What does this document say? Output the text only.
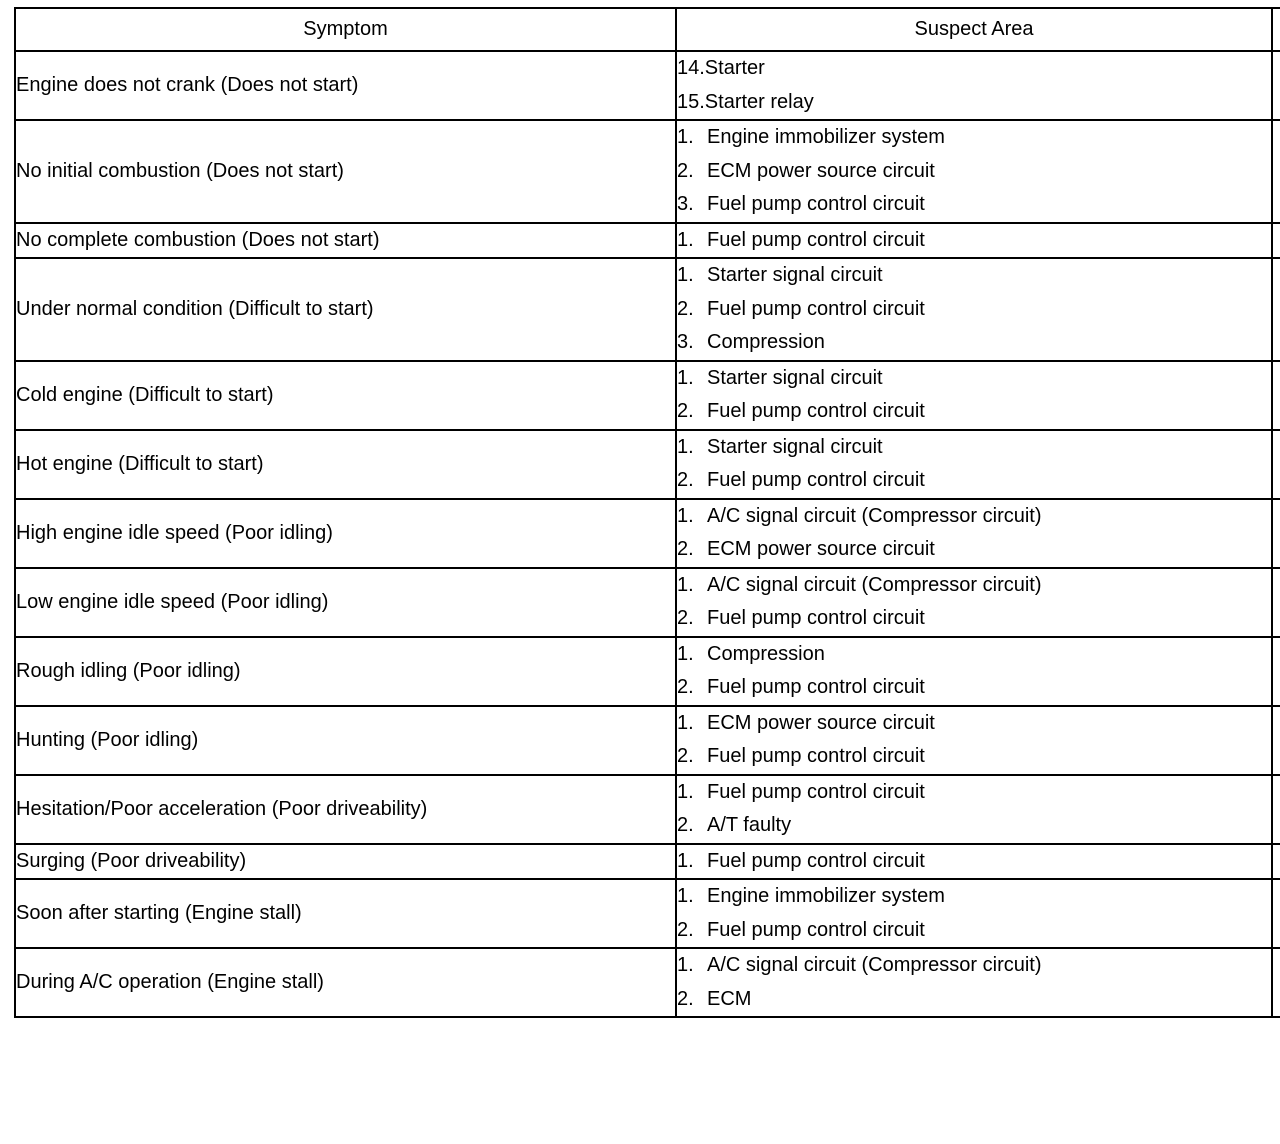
Symptom	Suspect Area	
Engine does not crank (Does not start)	14.Starter
15.Starter relay	

No initial combustion (Does not start)	1. Engine immobilizer system
2. ECM power source circuit
3. Fuel pump control circuit	

No complete combustion (Does not start)	1. Fuel pump control circuit	

Under normal condition (Difficult to start)	1. Starter signal circuit
2. Fuel pump control circuit
3. Compression	

Cold engine (Difficult to start)	1. Starter signal circuit
2. Fuel pump control circuit	

Hot engine (Difficult to start)	1. Starter signal circuit
2. Fuel pump control circuit	

High engine idle speed (Poor idling)	1. A/C signal circuit (Compressor circuit)
2. ECM power source circuit	

Low engine idle speed (Poor idling)	1. A/C signal circuit (Compressor circuit)
2. Fuel pump control circuit	

Rough idling (Poor idling)	1. Compression
2. Fuel pump control circuit	

Hunting (Poor idling)	1. ECM power source circuit
2. Fuel pump control circuit	

Hesitation/Poor acceleration (Poor driveability)	1. Fuel pump control circuit
2. A/T faulty	

Surging (Poor driveability)	1. Fuel pump control circuit	

Soon after starting (Engine stall)	1. Engine immobilizer system
2. Fuel pump control circuit	

During A/C operation (Engine stall)	1. A/C signal circuit (Compressor circuit)
2. ECM	
